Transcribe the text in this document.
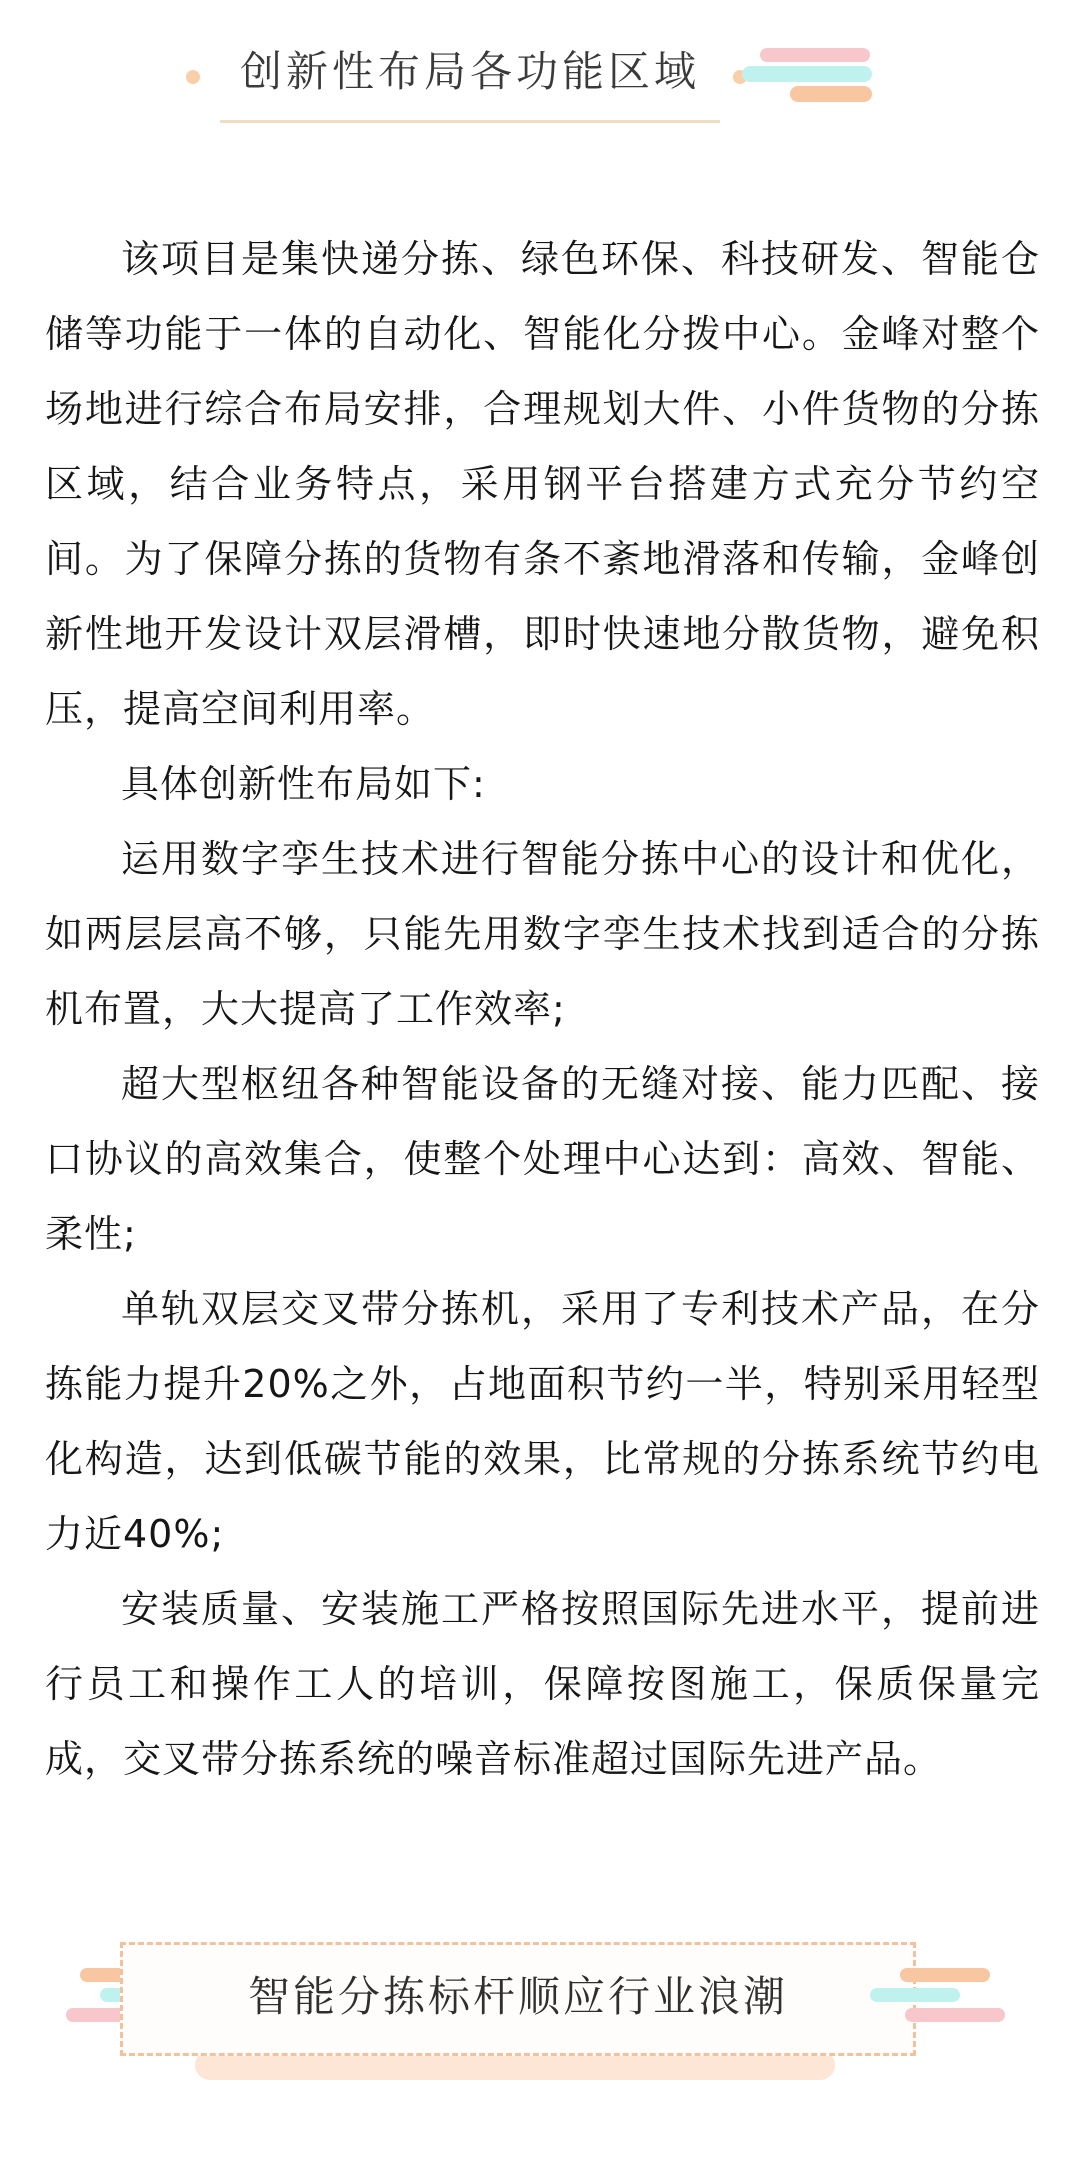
创新性布局各功能区域

该项目是集快递分拣、绿色环保、科技研发、智能仓储等功能于一体的自动化、智能化分拨中心。金峰对整个场地进行综合布局安排，合理规划大件、小件货物的分拣区域，结合业务特点，采用钢平台搭建方式充分节约空间。为了保障分拣的货物有条不紊地滑落和传输，金峰创新性地开发设计双层滑槽，即时快速地分散货物，避免积压，提高空间利用率。

具体创新性布局如下:

运用数字孪生技术进行智能分拣中心的设计和优化，如两层层高不够，只能先用数字孪生技术找到适合的分拣机布置，大大提高了工作效率;

超大型枢纽各种智能设备的无缝对接、能力匹配、接口协议的高效集合，使整个处理中心达到：高效、智能、柔性;

单轨双层交叉带分拣机，采用了专利技术产品，在分拣能力提升20%之外，占地面积节约一半，特别采用轻型化构造，达到低碳节能的效果，比常规的分拣系统节约电力近40%;

安装质量、安装施工严格按照国际先进水平，提前进行员工和操作工人的培训，保障按图施工，保质保量完成，交叉带分拣系统的噪音标准超过国际先进产品。

智能分拣标杆顺应行业浪潮
